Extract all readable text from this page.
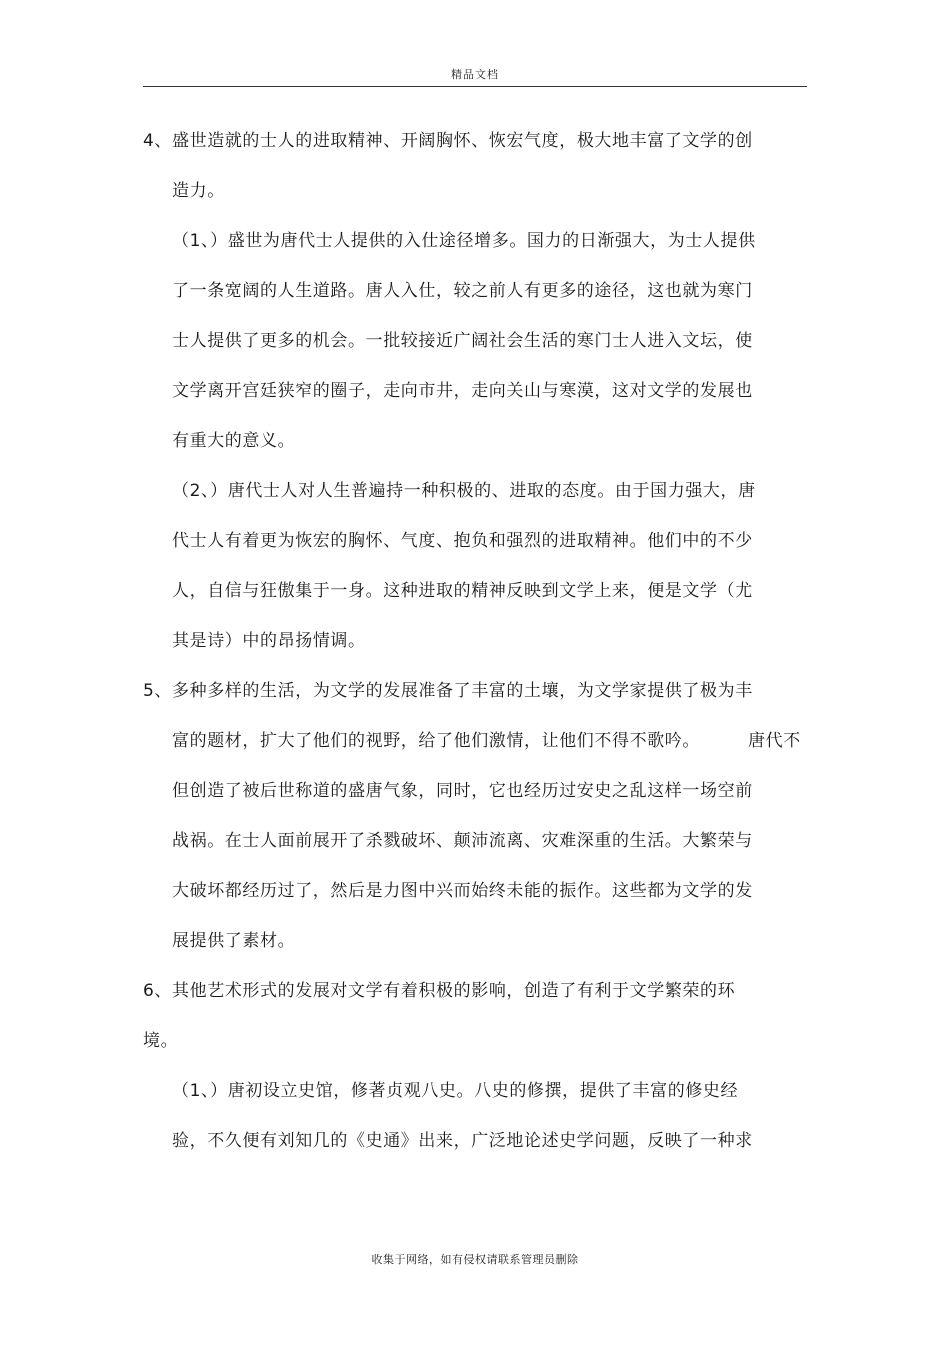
精品文档
4、盛世造就的士人的进取精神、开阔胸怀、恢宏气度，极大地丰富了文学的创
造力。
（1、）盛世为唐代士人提供的入仕途径增多。国力的日渐强大，为士人提供
了一条宽阔的人生道路。唐人入仕，较之前人有更多的途径，这也就为寒门
士人提供了更多的机会。一批较接近广阔社会生活的寒门士人进入文坛，使
文学离开宫廷狭窄的圈子，走向市井，走向关山与寒漠，这对文学的发展也
有重大的意义。
（2、）唐代士人对人生普遍持一种积极的、进取的态度。由于国力强大，唐
代士人有着更为恢宏的胸怀、气度、抱负和强烈的进取精神。他们中的不少
人，自信与狂傲集于一身。这种进取的精神反映到文学上来，便是文学（尤
其是诗）中的昂扬情调。
5、多种多样的生活，为文学的发展准备了丰富的土壤，为文学家提供了极为丰
富的题材，扩大了他们的视野，给了他们激情，让他们不得不歌吟。	唐代不
但创造了被后世称道的盛唐气象，同时，它也经历过安史之乱这样一场空前
战祸。在士人面前展开了杀戮破坏、颠沛流离、灾难深重的生活。大繁荣与
大破坏都经历过了，然后是力图中兴而始终未能的振作。这些都为文学的发
展提供了素材。
6、其他艺术形式的发展对文学有着积极的影响，创造了有利于文学繁荣的环
境。
（1、）唐初设立史馆，修著贞观八史。八史的修撰，提供了丰富的修史经
验，不久便有刘知几的《史通》出来，广泛地论述史学问题，反映了一种求
收集于网络，如有侵权请联系管理员删除
